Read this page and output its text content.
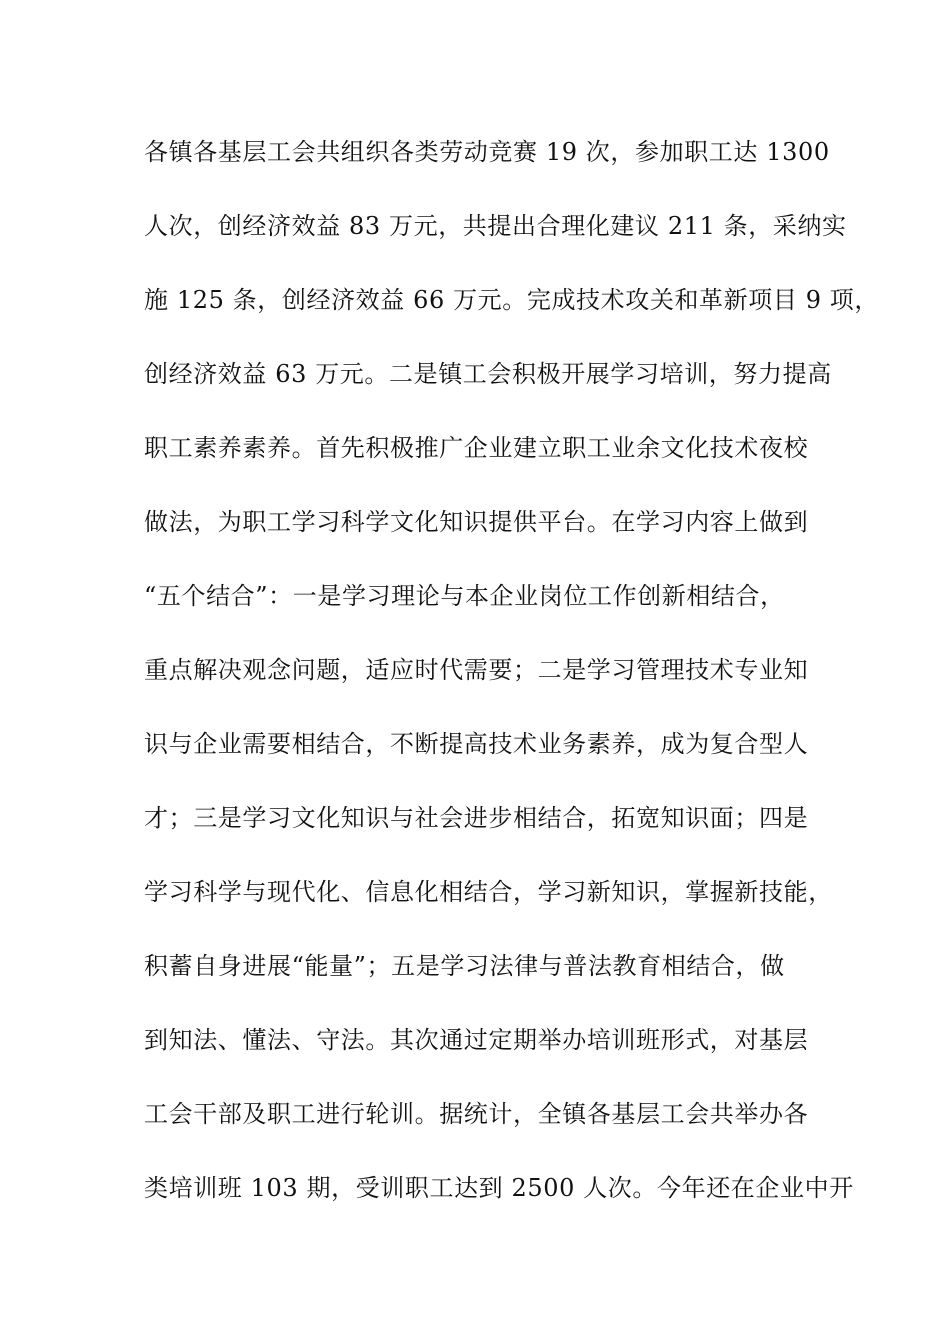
各镇各基层工会共组织各类劳动竞赛 19 次，参加职工达 1300
人次，创经济效益 83 万元，共提出合理化建议 211 条，采纳实
施 125 条，创经济效益 66 万元。完成技术攻关和革新项目 9 项，
创经济效益 63 万元。二是镇工会积极开展学习培训，努力提高
职工素养素养。首先积极推广企业建立职工业余文化技术夜校
做法，为职工学习科学文化知识提供平台。在学习内容上做到
“五个结合”：一是学习理论与本企业岗位工作创新相结合，
重点解决观念问题，适应时代需要；二是学习管理技术专业知
识与企业需要相结合，不断提高技术业务素养，成为复合型人
才；三是学习文化知识与社会进步相结合，拓宽知识面；四是
学习科学与现代化、信息化相结合，学习新知识，掌握新技能，
积蓄自身进展“能量”；五是学习法律与普法教育相结合，做
到知法、懂法、守法。其次通过定期举办培训班形式，对基层
工会干部及职工进行轮训。据统计，全镇各基层工会共举办各
类培训班 103 期，受训职工达到 2500 人次。今年还在企业中开
